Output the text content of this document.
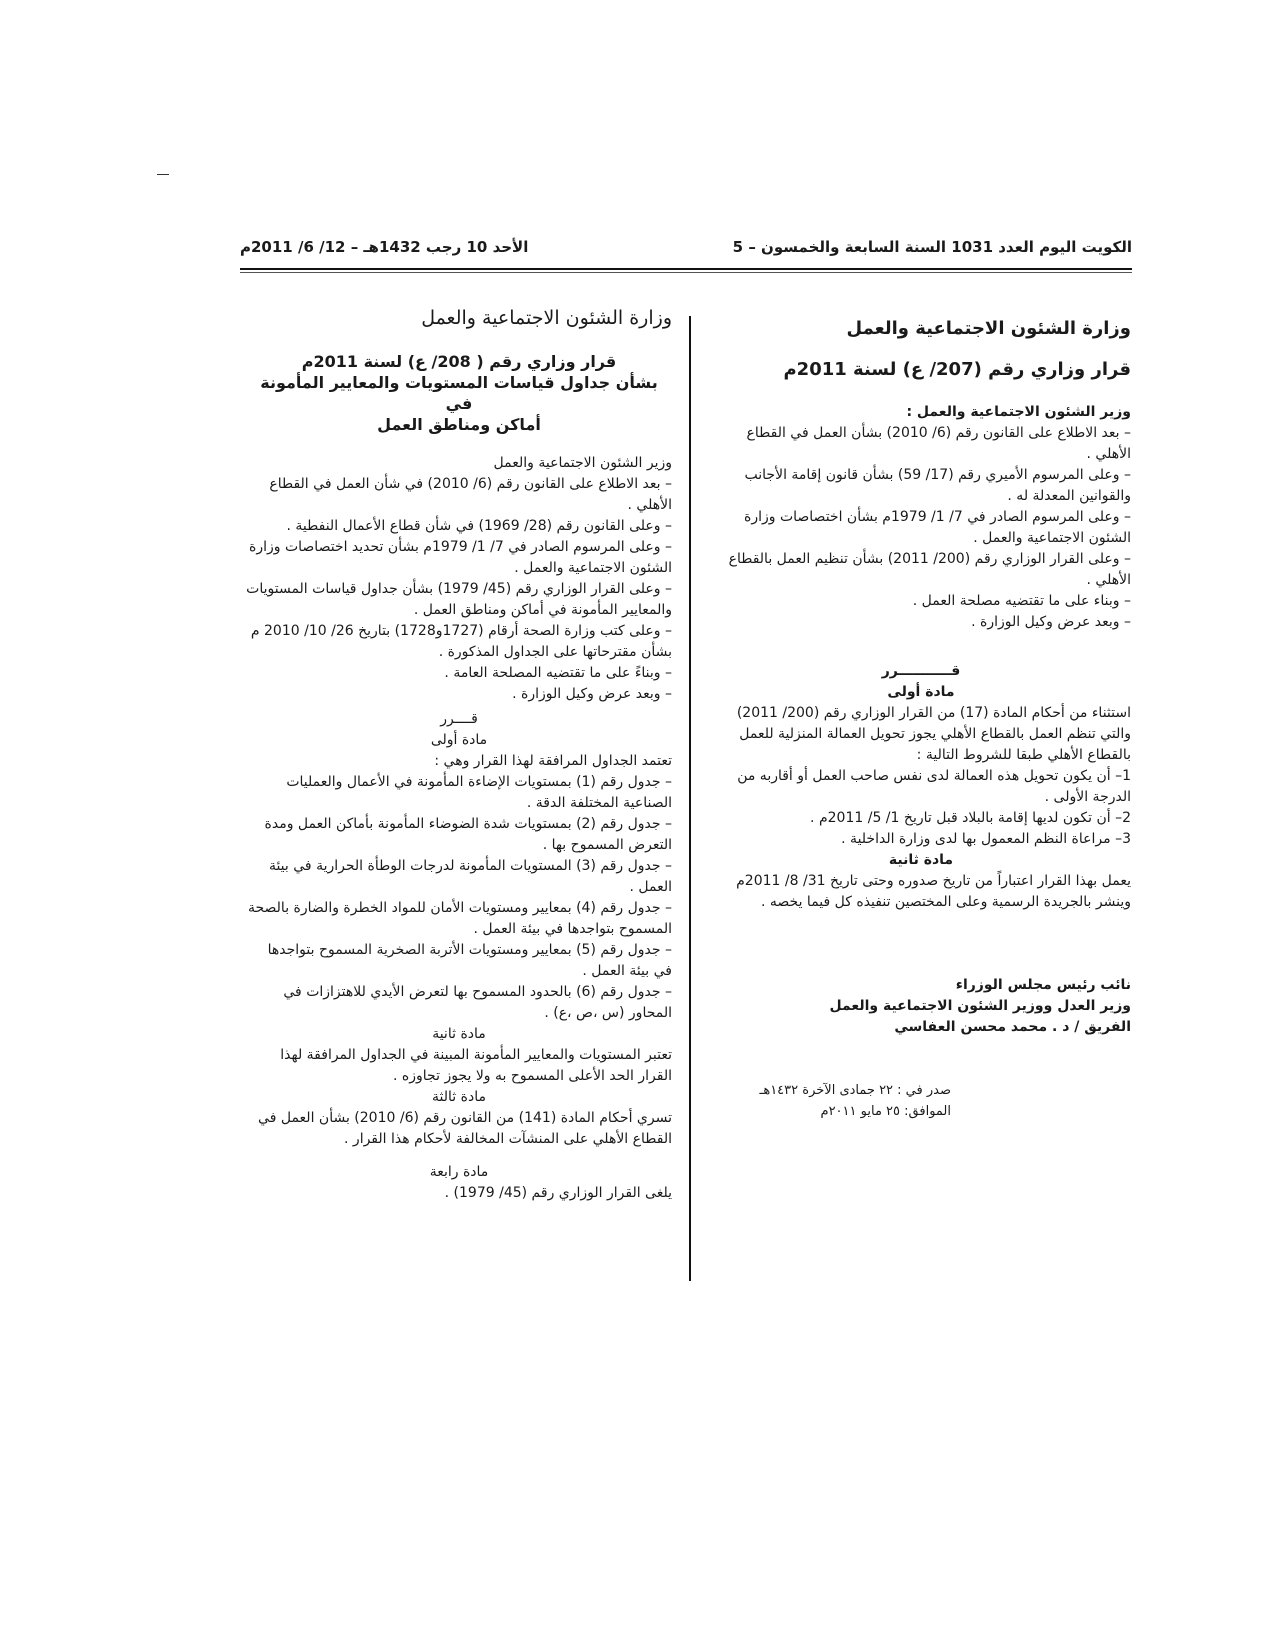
الكويت اليوم العدد 1031 السنة السابعة والخمسون – 5
الأحد 10 رجب 1432هـ – 12/ 6/ 2011م
وزارة الشئون الاجتماعية والعمل
قرار وزاري رقم (207/ ع) لسنة 2011م
وزير الشئون الاجتماعية والعمل :
– بعد الاطلاع على القانون رقم (6/ 2010) بشأن العمل في القطاع الأهلي .
– وعلى المرسوم الأميري رقم (17/ 59) بشأن قانون إقامة الأجانب والقوانين المعدلة له .
– وعلى المرسوم الصادر في 7/ 1/ 1979م بشأن اختصاصات وزارة الشئون الاجتماعية والعمل .
– وعلى القرار الوزاري رقم (200/ 2011) بشأن تنظيم العمل بالقطاع الأهلي .
– وبناء على ما تقتضيه مصلحة العمل .
– وبعد عرض وكيل الوزارة .
قـــــــــــرر
مادة أولى
استثناء من أحكام المادة (17) من القرار الوزاري رقم (200/ 2011) والتي تنظم العمل بالقطاع الأهلي يجوز تحويل العمالة المنزلية للعمل بالقطاع الأهلي طبقا للشروط التالية :
1– أن يكون تحويل هذه العمالة لدى نفس صاحب العمل أو أقاربه من الدرجة الأولى .
2– أن تكون لديها إقامة بالبلاد قبل تاريخ 1/ 5/ 2011م .
3– مراعاة النظم المعمول بها لدى وزارة الداخلية .
مادة ثانية
يعمل بهذا القرار اعتباراً من تاريخ صدوره وحتى تاريخ 31/ 8/ 2011م وينشر بالجريدة الرسمية وعلى المختصين تنفيذه كل فيما يخصه .
نائب رئيس مجلس الوزراء
وزير العدل ووزير الشئون الاجتماعية والعمل
الفريق / د . محمد محسن العفاسي
صدر في : ٢٢ جمادى الآخرة ١٤٣٢هـ
الموافق: ٢٥ مايو ٢٠١١م
وزارة الشئون الاجتماعية والعمل
قرار وزاري رقم ( 208/ ع) لسنة 2011م
بشأن جداول قياسات المستويات والمعايير المأمونة في
أماكن ومناطق العمل
وزير الشئون الاجتماعية والعمل
– بعد الاطلاع على القانون رقم (6/ 2010) في شأن العمل في القطاع الأهلي .
– وعلى القانون رقم (28/ 1969) في شأن قطاع الأعمال النفطية .
– وعلى المرسوم الصادر في 7/ 1/ 1979م بشأن تحديد اختصاصات وزارة الشئون الاجتماعية والعمل .
– وعلى القرار الوزاري رقم (45/ 1979) بشأن جداول قياسات المستويات والمعايير المأمونة في أماكن ومناطق العمل .
– وعلى كتب وزارة الصحة أرقام (1727و1728) بتاريخ 26/ 10/ 2010 م بشأن مقترحاتها على الجداول المذكورة .
– وبناءً على ما تقتضيه المصلحة العامة .
– وبعد عرض وكيل الوزارة .
قــــرر
مادة أولى
تعتمد الجداول المرافقة لهذا القرار وهي :
– جدول رقم (1) بمستويات الإضاءة المأمونة في الأعمال والعمليات الصناعية المختلفة الدقة .
– جدول رقم (2) بمستويات شدة الضوضاء المأمونة بأماكن العمل ومدة التعرض المسموح بها .
– جدول رقم (3) المستويات المأمونة لدرجات الوطأة الحرارية في بيئة العمل .
– جدول رقم (4) بمعايير ومستويات الأمان للمواد الخطرة والضارة بالصحة المسموح بتواجدها في بيئة العمل .
– جدول رقم (5) بمعايير ومستويات الأتربة الصخرية المسموح بتواجدها في بيئة العمل .
– جدول رقم (6) بالحدود المسموح بها لتعرض الأيدي للاهتزازات في المحاور (س ،ص ،ع) .
مادة ثانية
تعتبر المستويات والمعايير المأمونة المبينة في الجداول المرافقة لهذا القرار الحد الأعلى المسموح به ولا يجوز تجاوزه .
مادة ثالثة
تسري أحكام المادة (141) من القانون رقم (6/ 2010) بشأن العمل في القطاع الأهلي على المنشآت المخالفة لأحكام هذا القرار .
مادة رابعة
يلغى القرار الوزاري رقم (45/ 1979) .
